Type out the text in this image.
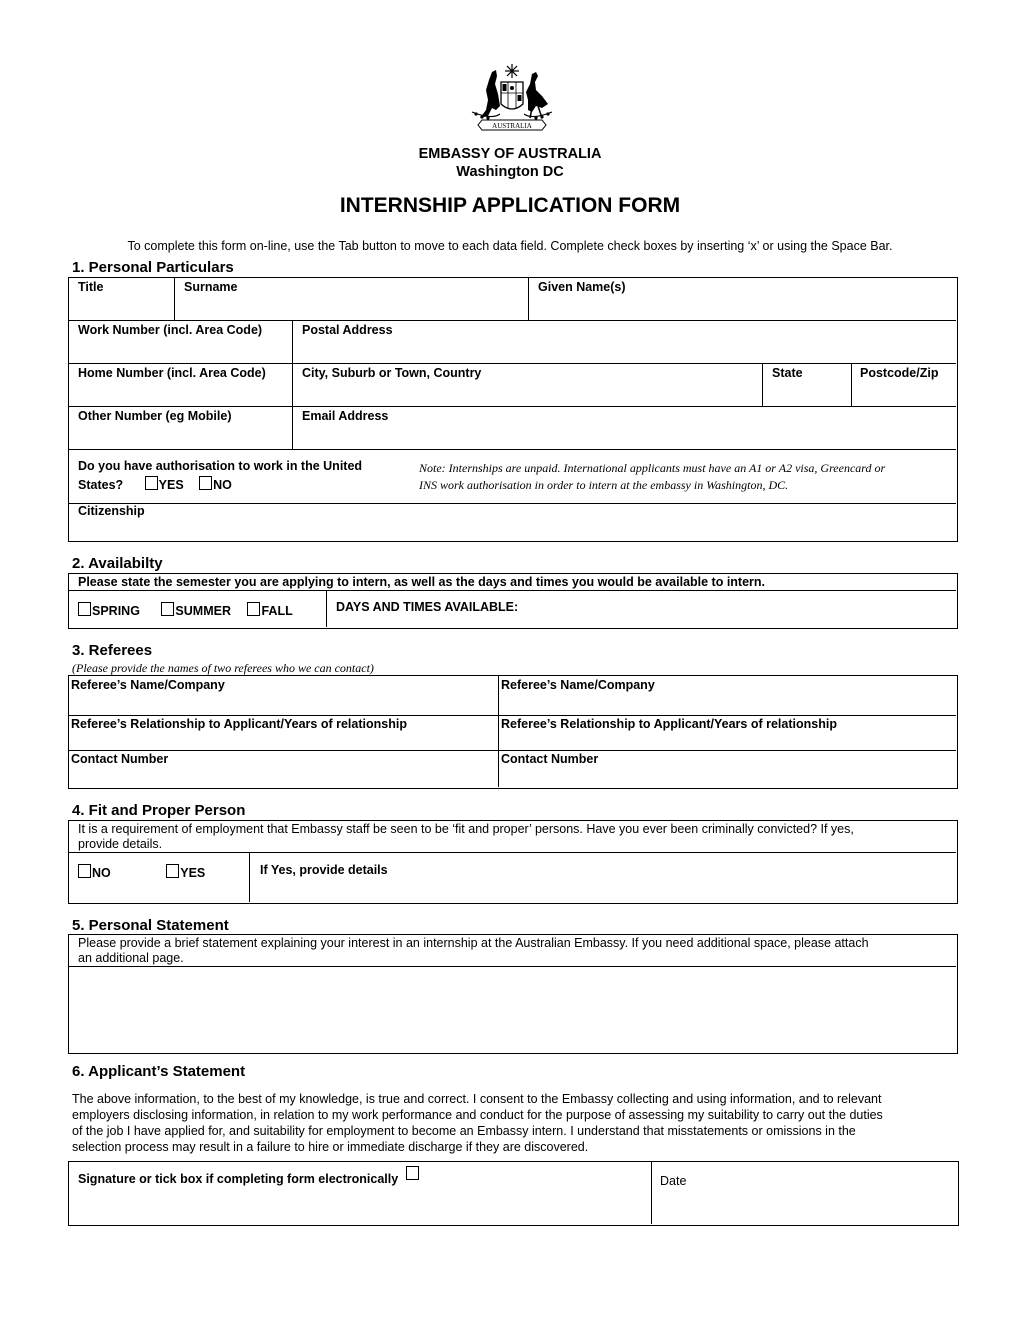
AUSTRALIA
EMBASSY OF AUSTRALIA
Washington DC
INTERNSHIP APPLICATION FORM
To complete this form on-line, use the Tab button to move to each data field. Complete check boxes by inserting ‘x’ or using the Space Bar.
1. Personal Particulars
Title	Surname	Given Name(s)
Work Number (incl. Area Code)	Postal Address
Home Number (incl. Area Code)	City, Suburb or Town, Country	State	Postcode/Zip
Other Number (eg Mobile)	Email Address
Do you have authorisation to work in the United
States?	YES NO
Note: Internships are unpaid. International applicants must have an A1 or A2 visa, Greencard or
INS work authorisation in order to intern at the embassy in Washington, DC.
Citizenship
2. Availabilty
Please state the semester you are applying to intern, as well as the days and times you would be available to intern.
SPRING	SUMMER FALL	DAYS AND TIMES AVAILABLE:
3. Referees
(Please provide the names of two referees who we can contact)
Referee’s Name/Company	Referee’s Name/Company
Referee’s Relationship to Applicant/Years of relationship	Referee’s Relationship to Applicant/Years of relationship
Contact Number	Contact Number
4. Fit and Proper Person
It is a requirement of employment that Embassy staff be seen to be ‘fit and proper’ persons. Have you ever been criminally convicted? If yes,
provide details.
NO	YES	If Yes, provide details
5. Personal Statement
Please provide a brief statement explaining your interest in an internship at the Australian Embassy. If you need additional space, please attach
an additional page.
6. Applicant’s Statement
The above information, to the best of my knowledge, is true and correct. I consent to the Embassy collecting and using information, and to relevant
employers disclosing information, in relation to my work performance and conduct for the purpose of assessing my suitability to carry out the duties
of the job I have applied for, and suitability for employment to become an Embassy intern. I understand that misstatements or omissions in the
selection process may result in a failure to hire or immediate discharge if they are discovered.
Signature or tick box if completing form electronically	Date
